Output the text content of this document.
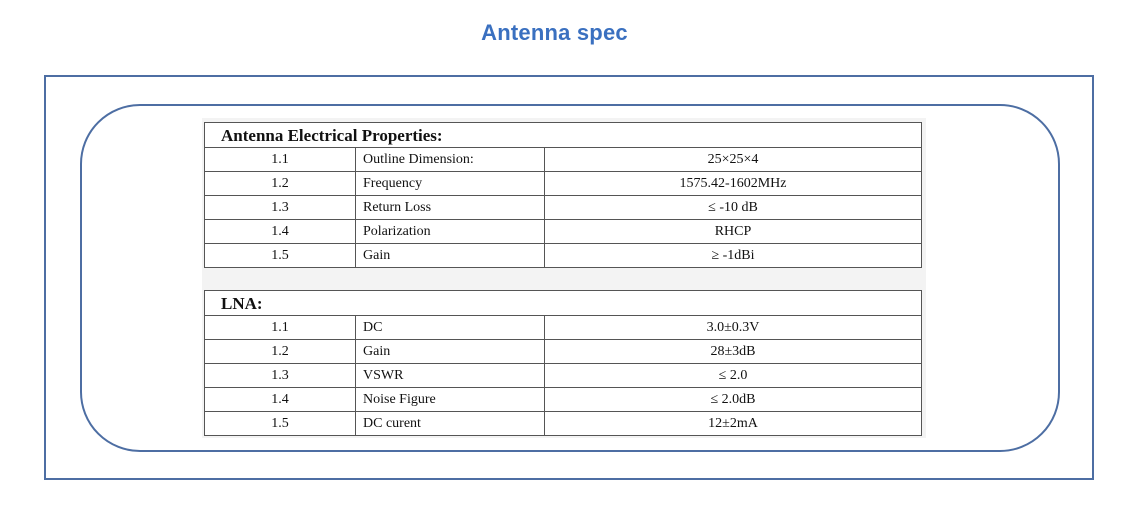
Antenna spec
Antenna Electrical Properties:		
1.1	Outline Dimension:	25×25×4
1.2	Frequency	1575.42-1602MHz
1.3	Return Loss	≤ -10 dB
1.4	Polarization	RHCP
1.5	Gain	≥ -1dBi
LNA:		
1.1	DC	3.0±0.3V
1.2	Gain	28±3dB
1.3	VSWR	≤ 2.0
1.4	Noise Figure	≤ 2.0dB
1.5	DC curent	12±2mA
